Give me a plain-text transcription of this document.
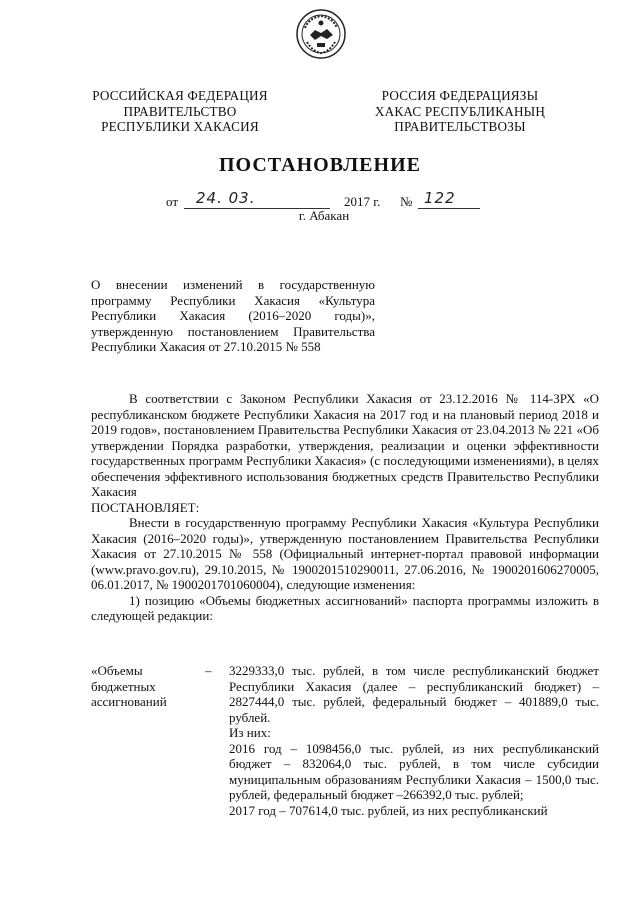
РОССИЙСКАЯ ФЕДЕРАЦИЯ
ПРАВИТЕЛЬСТВО
РЕСПУБЛИКИ ХАКАСИЯ
РОССИЯ ФЕДЕРАЦИЯЗЫ
ХАКАС РЕСПУБЛИКАНЫҢ
ПРАВИТЕЛЬСТВОЗЫ
ПОСТАНОВЛЕНИЕ
от 24. 03.	2017 г. № 122
г. Абакан
О внесении изменений в государственную программу Республики Хакасия «Культура Республики Хакасия (2016–2020 годы)», утвержденную постановлением Правительства Республики Хакасия от 27.10.2015 № 558

В соответствии с Законом Республики Хакасия от 23.12.2016 № 114-ЗРХ «О республиканском бюджете Республики Хакасия на 2017 год и на плановый период 2018 и 2019 годов», постановлением Правительства Республики Хакасия от 23.04.2013 № 221 «Об утверждении Порядка разработки, утверждения, реализации и оценки эффективности государственных программ Республики Хакасия» (с последующими изменениями), в целях обеспечения эффективного использования бюджетных средств Правительство Республики Хакасия

ПОСТАНОВЛЯЕТ:

Внести в государственную программу Республики Хакасия «Культура Республики Хакасия (2016–2020 годы)», утвержденную постановлением Правительства Республики Хакасия от 27.10.2015 № 558 (Официальный интернет-портал правовой информации (www.pravo.gov.ru), 29.10.2015, № 1900201510290011, 27.06.2016, № 1900201606270005, 06.01.2017, № 1900201701060004), следующие изменения:

1) позицию «Объемы бюджетных ассигнований» паспорта программы изложить в следующей редакции:

«Объемы бюджетных ассигнований
– 3229333,0 тыс. рублей, в том числе республиканский бюджет Республики Хакасия (далее – республиканский бюджет) – 2827444,0 тыс. рублей, федеральный бюджет – 401889,0 тыс. рублей.

Из них:

2016 год – 1098456,0 тыс. рублей, из них республиканский бюджет – 832064,0 тыс. рублей, в том числе субсидии муниципальным образованиям Республики Хакасия – 1500,0 тыс. рублей, федеральный бюджет –266392,0 тыс. рублей;

2017 год – 707614,0 тыс. рублей, из них республиканский
